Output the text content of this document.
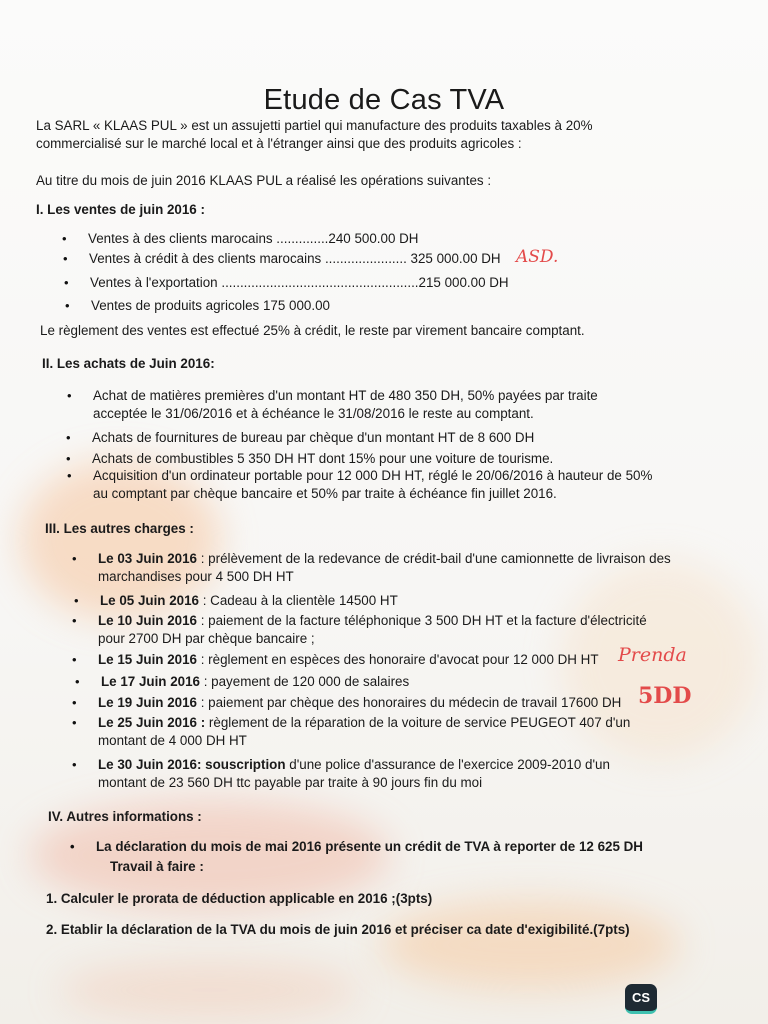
Etude de Cas TVA
La SARL « KLAAS PUL » est un assujetti partiel qui manufacture des produits taxables à 20% commercialisé sur le marché local et à l'étranger ainsi que des produits agricoles :
Au titre du mois de juin 2016 KLAAS PUL a réalisé les opérations suivantes :
I. Les ventes de juin 2016 :
• Ventes à des clients marocains ..............240 500.00 DH
• Ventes à crédit à des clients marocains ...................... 325 000.00 DH
• Ventes à l'exportation .....................................................215 000.00 DH
• Ventes de produits agricoles 175 000.00
Le règlement des ventes est effectué 25% à crédit, le reste par virement bancaire comptant.
II. Les achats de Juin 2016:
• Achat de matières premières d'un montant HT de 480 350 DH, 50% payées par traite acceptée le 31/06/2016 et à échéance le 31/08/2016 le reste au comptant.
• Achats de fournitures de bureau par chèque d'un montant HT de 8 600 DH
• Achats de combustibles 5 350 DH HT dont 15% pour une voiture de tourisme.
• Acquisition d'un ordinateur portable pour 12 000 DH HT, réglé le 20/06/2016 à hauteur de 50% au comptant par chèque bancaire et 50% par traite à échéance fin juillet 2016.
III. Les autres charges :
• Le 03 Juin 2016 : prélèvement de la redevance de crédit-bail d'une camionnette de livraison des marchandises pour 4 500 DH HT
• Le 05 Juin 2016 : Cadeau à la clientèle 14500 HT
• Le 10 Juin 2016 : paiement de la facture téléphonique 3 500 DH HT et la facture d'électricité pour 2700 DH par chèque bancaire ;
• Le 15 Juin 2016 : règlement en espèces des honoraire d'avocat pour 12 000 DH HT
• Le 17 Juin 2016 : payement de 120 000 de salaires
• Le 19 Juin 2016 : paiement par chèque des honoraires du médecin de travail 17600 DH
• Le 25 Juin 2016 : règlement de la réparation de la voiture de service PEUGEOT 407 d'un montant de 4 000 DH HT
• Le 30 Juin 2016: souscription d'une police d'assurance de l'exercice 2009-2010 d'un montant de 23 560 DH ttc payable par traite à 90 jours fin du moi
IV. Autres informations :
• La déclaration du mois de mai 2016 présente un crédit de TVA à reporter de 12 625 DH
Travail à faire :
1. Calculer le prorata de déduction applicable en 2016 ;(3pts)
2. Etablir la déclaration de la TVA du mois de juin 2016 et préciser ca date d'exigibilité.(7pts)
ASD.
Prenda
5DD
CS
